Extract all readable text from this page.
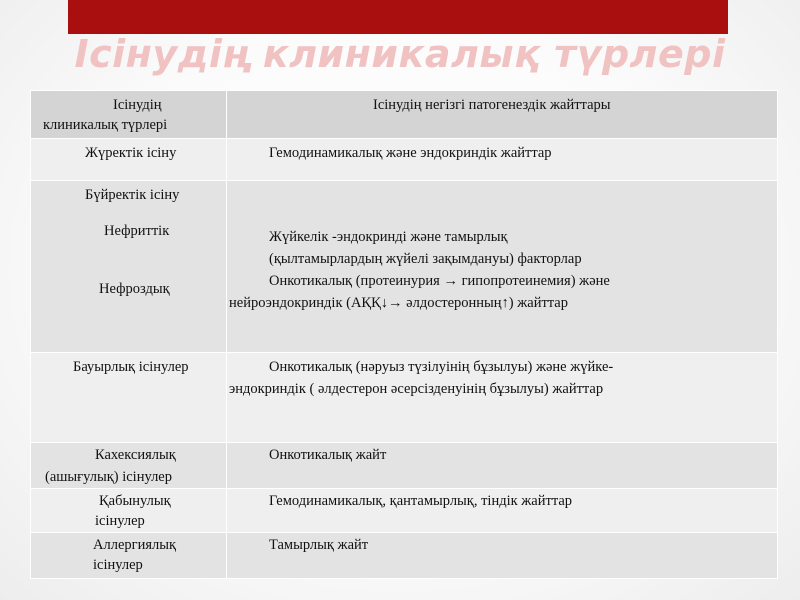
Ісінудің клиникалық түрлері
Ісінудің
клиникалық түрлері	Ісінудің негізгі патогенездік жайттары

Жүректік ісіну	Гемодинамикалық және эндокриндік жайттар

Бүйректік ісіну
Нефриттік
Нефроздық	Жүйкелік -эндокринді және тамырлық
(қылтамырлардың жүйелі зақымдануы) факторлар
Онкотикалық (протеинурия → гипопротеинемия) және
нейроэндокриндік (АҚҚ↓→ әлдостеронның↑) жайттар

Бауырлық ісінулер	Онкотикалық (нәруыз түзілуінің бұзылуы) және жүйке-
эндокриндік ( әлдестерон әсерсізденуінің бұзылуы) жайттар

Кахексиялық
(ашығулық) ісінулер	Онкотикалық жайт

Қабынулық
ісінулер	Гемодинамикалық, қантамырлық, тіндік жайттар

Аллергиялық
ісінулер	Тамырлық жайт
